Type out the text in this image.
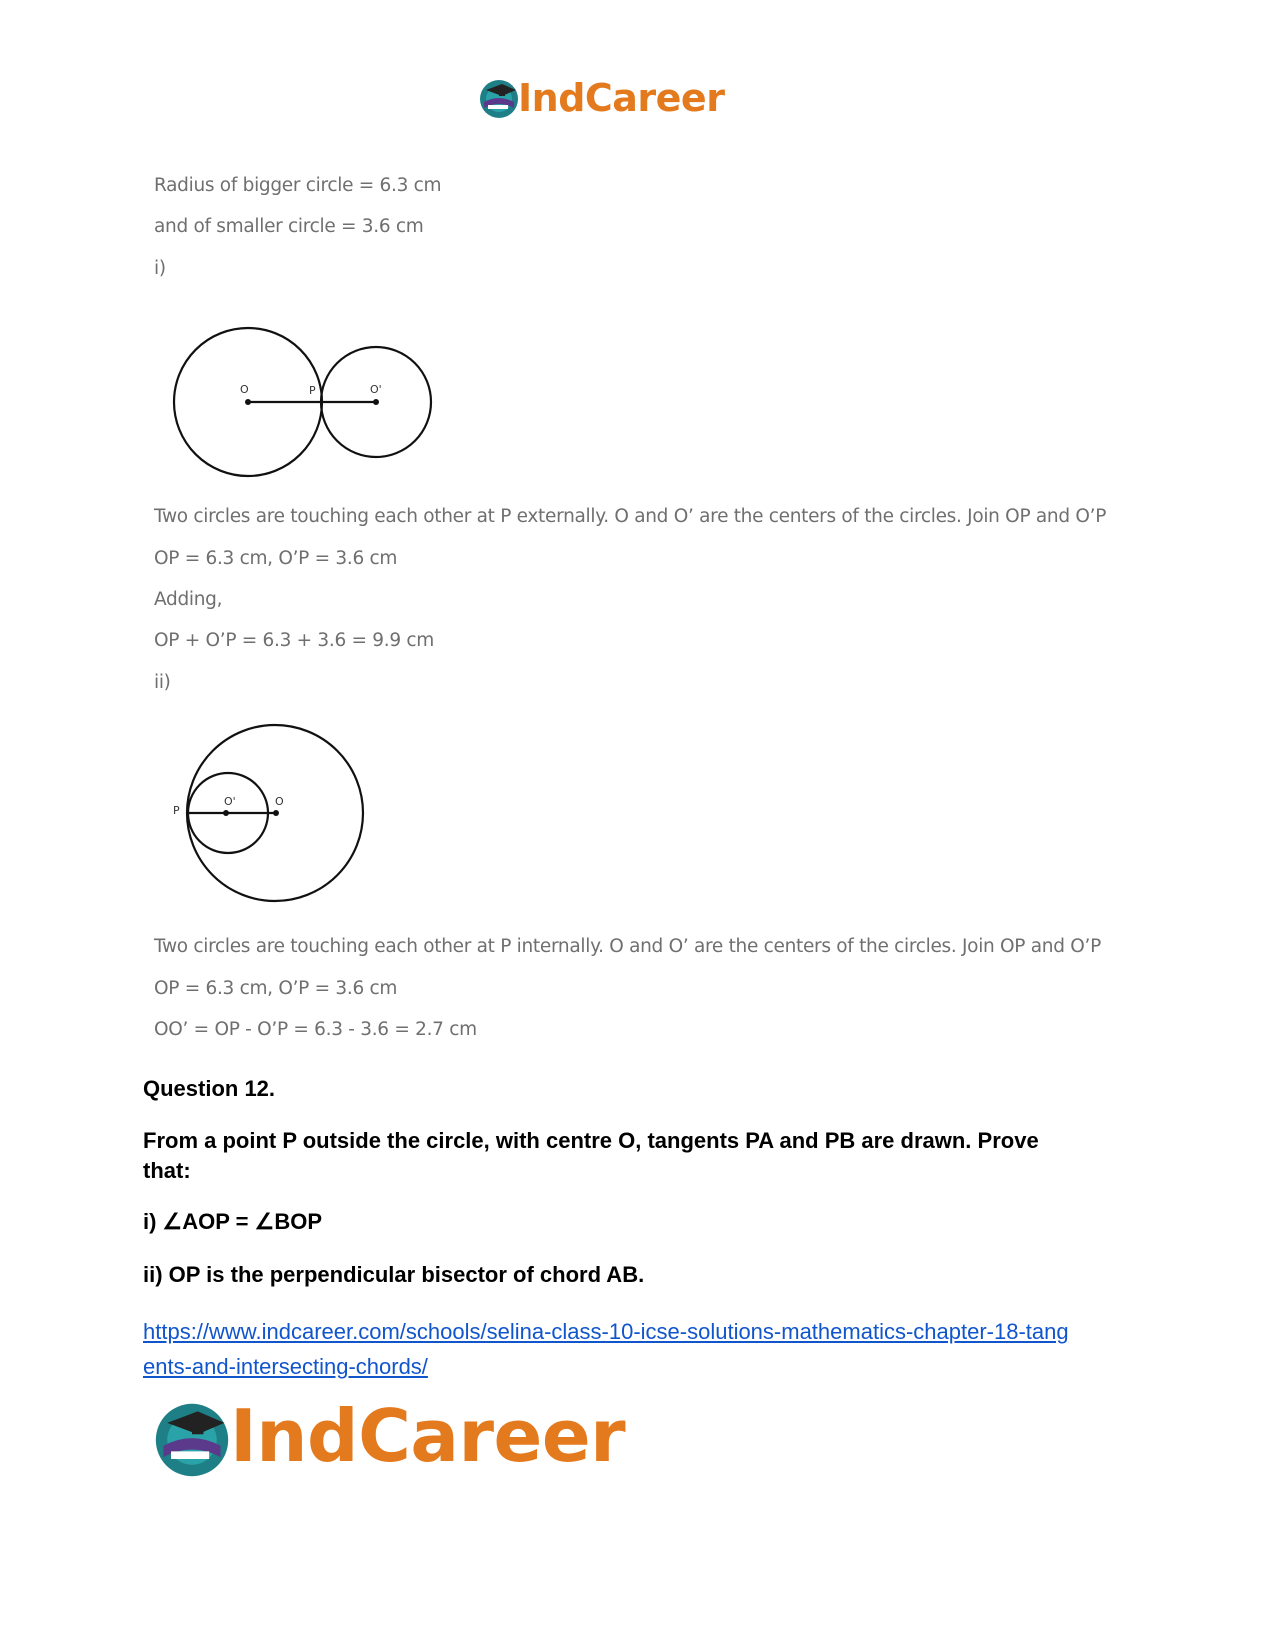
IndCareer
Radius of bigger circle = 6.3 cm
and of smaller circle = 3.6 cm
i)
O	P	O'
Two circles are touching each other at P externally. O and O’ are the centers of the circles. Join OP and O’P
OP = 6.3 cm, O’P = 3.6 cm
Adding,
OP + O’P = 6.3 + 3.6 = 9.9 cm
ii)
P
O'	O
Two circles are touching each other at P internally. O and O’ are the centers of the circles. Join OP and O’P
OP = 6.3 cm, O’P = 3.6 cm
OO’ = OP - O’P = 6.3 - 3.6 = 2.7 cm
Question 12.
From a point P outside the circle, with centre O, tangents PA and PB are drawn. Prove that:
i) ∠AOP = ∠BOP
ii) OP is the perpendicular bisector of chord AB.
https://www.indcareer.com/schools/selina-class-10-icse-solutions-mathematics-chapter-18-tang
ents-and-intersecting-chords/
IndCareer
